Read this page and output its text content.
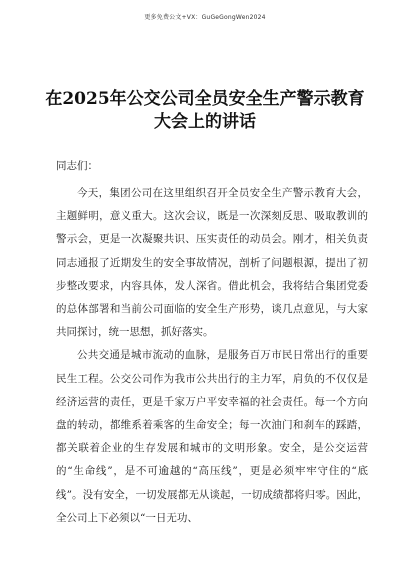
更多免费公文+VX：GuGeGongWen2024
在2025年公交公司全员安全生产警示教育大会上的讲话
同志们：

今天，集团公司在这里组织召开全员安全生产警示教育大会，主题鲜明，意义重大。这次会议，既是一次深刻反思、吸取教训的警示会，更是一次凝聚共识、压实责任的动员会。刚才，相关负责同志通报了近期发生的安全事故情况，剖析了问题根源，提出了初步整改要求，内容具体，发人深省。借此机会，我将结合集团党委的总体部署和当前公司面临的安全生产形势，谈几点意见，与大家共同探讨，统一思想，抓好落实。

公共交通是城市流动的血脉，是服务百万市民日常出行的重要民生工程。公交公司作为我市公共出行的主力军，肩负的不仅仅是经济运营的责任，更是千家万户平安幸福的社会责任。每一个方向盘的转动，都维系着乘客的生命安全；每一次油门和刹车的踩踏，都关联着企业的生存发展和城市的文明形象。安全，是公交运营的“生命线”，是不可逾越的“高压线”，更是必须牢牢守住的“底线”。没有安全，一切发展都无从谈起，一切成绩都将归零。因此，全公司上下必须以“一日无功、
